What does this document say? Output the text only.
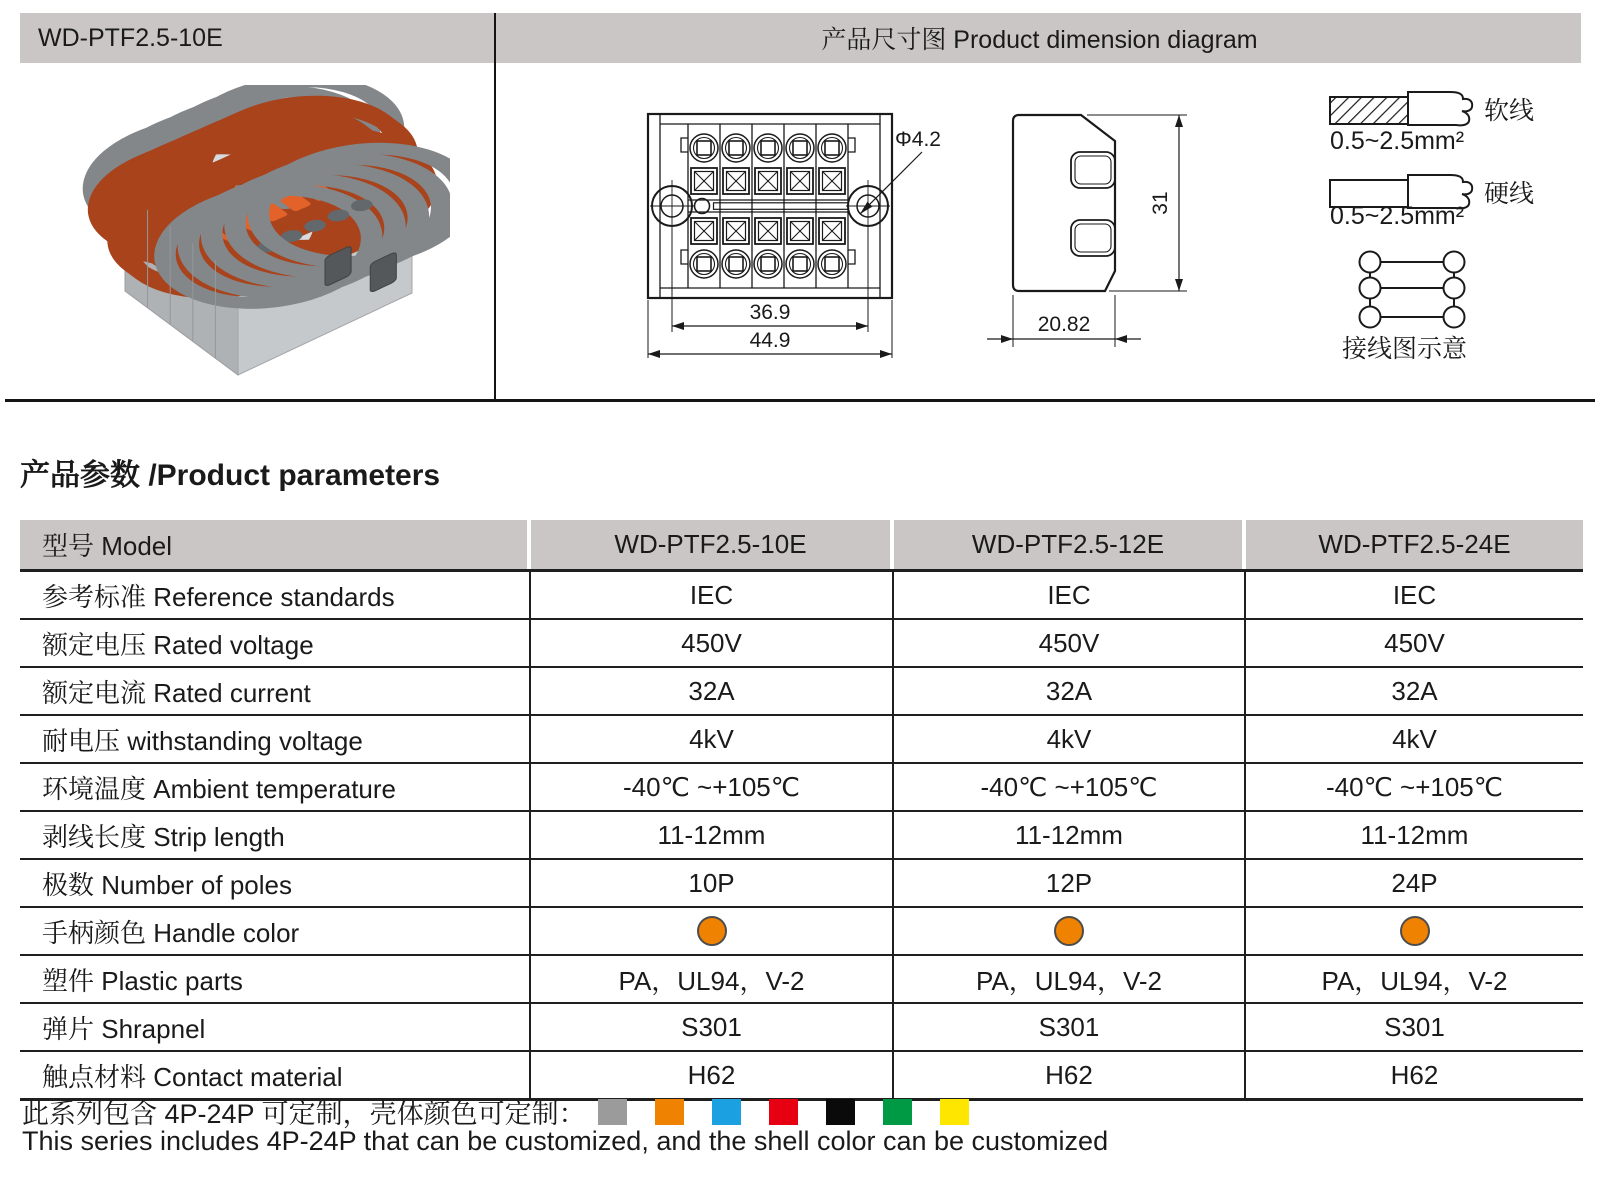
WD-PTF2.5-10E	产品尺寸图 Product dimension diagram
36.9
44.9
Φ4.2
31
20.82
软线
0.5~2.5mm²
硬线
0.5~2.5mm²
接线图示意
产品参数 /Product parameters
型号 Model	WD-PTF2.5-10E	WD-PTF2.5-12E	WD-PTF2.5-24E
参考标准 Reference standards	IEC	IEC	IEC
额定电压 Rated voltage	450V	450V	450V
额定电流 Rated current	32A	32A	32A
耐电压 withstanding voltage	4kV	4kV	4kV
环境温度 Ambient temperature	-40℃ ~+105℃	-40℃ ~+105℃	-40℃ ~+105℃
剥线长度 Strip length	11-12mm	11-12mm	11-12mm
极数 Number of poles	10P	12P	24P
手柄颜色 Handle color
塑件 Plastic parts	PA，UL94，V-2	PA，UL94，V-2	PA，UL94，V-2
弹片 Shrapnel	S301	S301	S301
触点材料 Contact material	H62	H62	H62
此系列包含 4P-24P 可定制，壳体颜色可定制：
This series includes 4P-24P that can be customized, and the shell color can be customized
